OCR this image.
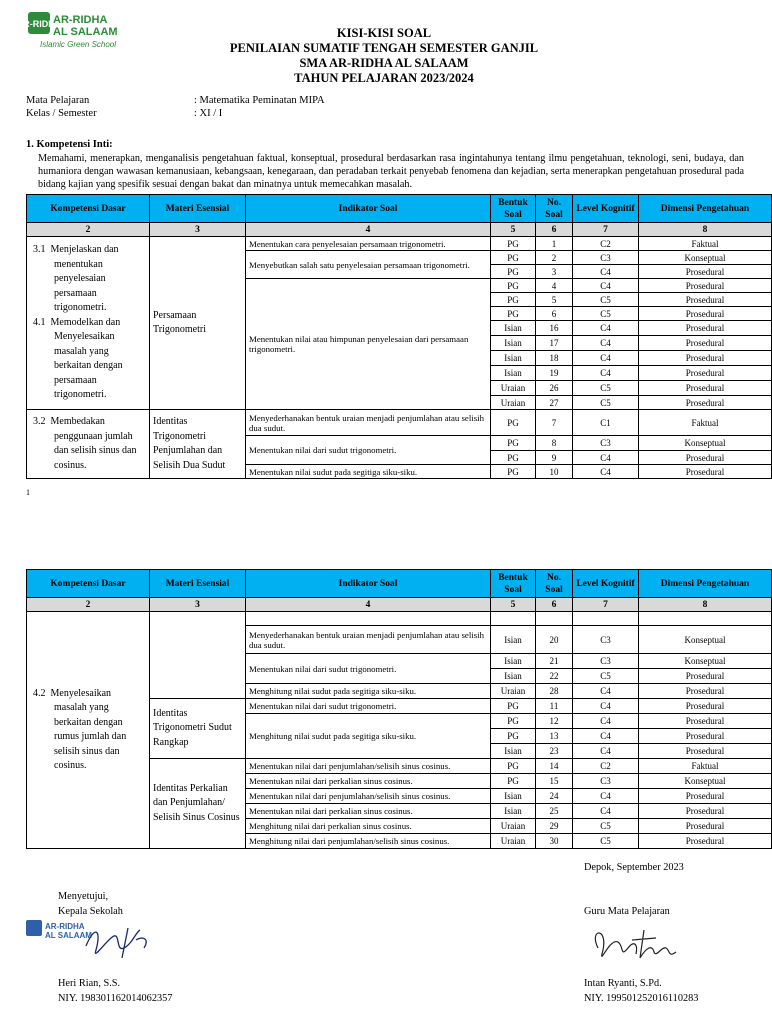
AR-RIDHA
AR-RIDHA
AL SALAAM
Islamic Green School
KISI-KISI SOAL
PENILAIAN SUMATIF TENGAH SEMESTER GANJIL
SMA AR-RIDHA AL SALAAM
TAHUN PELAJARAN 2023/2024
Mata Pelajaran	: Matematika Peminatan MIPA
Kelas / Semester	: XI / I
1. Kompetensi Inti:
Memahami, menerapkan, menganalisis pengetahuan faktual, konseptual, prosedural berdasarkan rasa ingintahunya tentang ilmu pengetahuan, teknologi, seni, budaya, dan humaniora dengan wawasan kemanusiaan, kebangsaan, kenegaraan, dan peradaban terkait penyebab fenomena dan kejadian, serta menerapkan pengetahuan prosedural pada bidang kajian yang spesifik sesuai dengan bakat dan minatnya untuk memecahkan masalah.
Kompetensi Dasar	Materi Esensial	Indikator Soal	Bentuk Soal	No. Soal	Level Kognitif	Dimensi Pengetahuan
2	3	4	5	6	7	8

3.1 Menjelaskan dan menentukan penyelesaian persamaan trigonometri.
4.1 Memodelkan dan Menyelesaikan masalah yang berkaitan dengan persamaan trigonometri.	Persamaan Trigonometri	Menentukan cara penyelesaian persamaan trigonometri.	PG	1	C2	Faktual
		Menyebutkan salah satu penyelesaian persamaan trigonometri.	PG	2	C3	Konseptual
			PG	3	C4	Prosedural
		Menentukan nilai atau himpunan penyelesaian dari persamaan trigonometri.	PG	4	C4	Prosedural
			PG	5	C5	Prosedural
			PG	6	C5	Prosedural
			Isian	16	C4	Prosedural
			Isian	17	C4	Prosedural
			Isian	18	C4	Prosedural
			Isian	19	C4	Prosedural
			Uraian	26	C5	Prosedural
			Uraian	27	C5	Prosedural

3.2 Membedakan penggunaan jumlah dan selisih sinus dan cosinus.	Identitas Trigonometri Penjumlahan dan Selisih Dua Sudut	Menyederhanakan bentuk uraian menjadi penjumlahan atau selisih dua sudut.	PG	7	C1	Faktual
		Menentukan nilai dari sudut trigonometri.	PG	8	C3	Konseptual
			PG	9	C4	Prosedural
		Menentukan nilai sudut pada segitiga siku-siku.	PG	10	C4	Prosedural
1
Kompetensi Dasar	Materi Esensial	Indikator Soal	Bentuk Soal	No. Soal	Level Kognitif	Dimensi Pengetahuan
2	3	4	5	6	7	8

4.2 Menyelesaikan masalah yang berkaitan dengan rumus jumlah dan selisih sinus dan cosinus.						

		Menyederhanakan bentuk uraian menjadi penjumlahan atau selisih dua sudut.	Isian	20	C3	Konseptual
		Menentukan nilai dari sudut trigonometri.	Isian	21	C3	Konseptual
			Isian	22	C5	Prosedural
		Menghitung nilai sudut pada segitiga siku-siku.	Uraian	28	C4	Prosedural
	Identitas Trigonometri Sudut Rangkap	Menentukan nilai dari sudut trigonometri.	PG	11	C4	Prosedural
		Menghitung nilai sudut pada segitiga siku-siku.	PG	12	C4	Prosedural
			PG	13	C4	Prosedural
			Isian	23	C4	Prosedural
	Identitas Perkalian dan Penjumlahan/ Selisih Sinus Cosinus	Menentukan nilai dari penjumlahan/selisih sinus cosinus.	PG	14	C2	Faktual
		Menentukan nilai dari perkalian sinus cosinus.	PG	15	C3	Konseptual
		Menentukan nilai dari penjumlahan/selisih sinus cosinus.	Isian	24	C4	Prosedural
		Menentukan nilai dari perkalian sinus cosinus.	Isian	25	C4	Prosedural
		Menghitung nilai dari perkalian sinus cosinus.	Uraian	29	C5	Prosedural
		Menghitung nilai dari penjumlahan/selisih sinus cosinus.	Uraian	30	C5	Prosedural
Depok, September 2023
Menyetujui,
Kepala Sekolah	Guru Mata Pelajaran
AR-RIDHA
AL SALAAM
Heri Rian, S.S.
NIY. 198301162014062357
Intan Ryanti, S.Pd.
NIY. 199501252016110283
